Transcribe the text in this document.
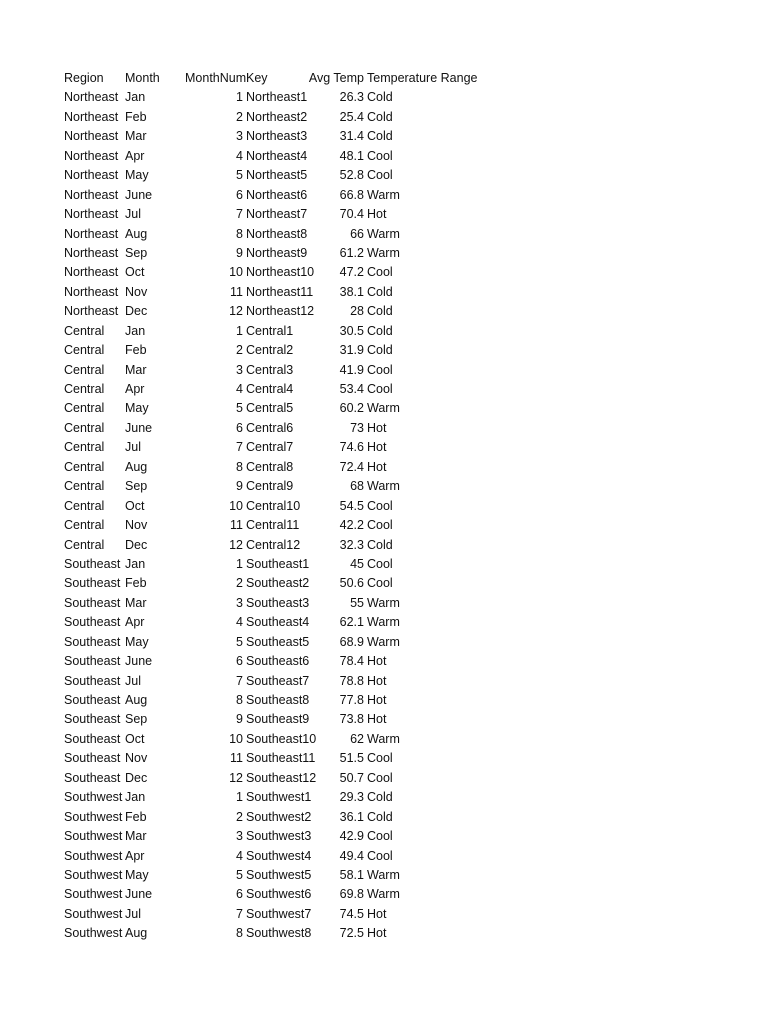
Region	Month	MonthNum Key	Avg Temp Temperature Range
Northeast Jan	1 Northeast1	26.3 Cold
Northeast Feb	2 Northeast2	25.4 Cold
Northeast Mar	3 Northeast3	31.4 Cold
Northeast Apr	4 Northeast4	48.1 Cool
Northeast May	5 Northeast5	52.8 Cool
Northeast June	6 Northeast6	66.8 Warm
Northeast Jul	7 Northeast7	70.4 Hot
Northeast Aug	8 Northeast8	66 Warm
Northeast Sep	9 Northeast9	61.2 Warm
Northeast Oct	10 Northeast10	47.2 Cool
Northeast Nov	11 Northeast11	38.1 Cold
Northeast Dec	12 Northeast12	28 Cold
Central	Jan	1 Central1	30.5 Cold
Central	Feb	2 Central2	31.9 Cold
Central	Mar	3 Central3	41.9 Cool
Central	Apr	4 Central4	53.4 Cool
Central	May	5 Central5	60.2 Warm
Central	June	6 Central6	73 Hot
Central	Jul	7 Central7	74.6 Hot
Central	Aug	8 Central8	72.4 Hot
Central	Sep	9 Central9	68 Warm
Central	Oct	10 Central10	54.5 Cool
Central	Nov	11 Central11	42.2 Cool
Central	Dec	12 Central12	32.3 Cold
Southeast Jan	1 Southeast1	45 Cool
Southeast Feb	2 Southeast2	50.6 Cool
Southeast Mar	3 Southeast3	55 Warm
Southeast Apr	4 Southeast4	62.1 Warm
Southeast May	5 Southeast5	68.9 Warm
Southeast June	6 Southeast6	78.4 Hot
Southeast Jul	7 Southeast7	78.8 Hot
Southeast Aug	8 Southeast8	77.8 Hot
Southeast Sep	9 Southeast9	73.8 Hot
Southeast Oct	10 Southeast10	62 Warm
Southeast Nov	11 Southeast11	51.5 Cool
Southeast Dec	12 Southeast12	50.7 Cool
Southwest Jan	1 Southwest1	29.3 Cold
Southwest Feb	2 Southwest2	36.1 Cold
Southwest Mar	3 Southwest3	42.9 Cool
Southwest Apr	4 Southwest4	49.4 Cool
Southwest May	5 Southwest5	58.1 Warm
Southwest June	6 Southwest6	69.8 Warm
Southwest Jul	7 Southwest7	74.5 Hot
Southwest Aug	8 Southwest8	72.5 Hot
